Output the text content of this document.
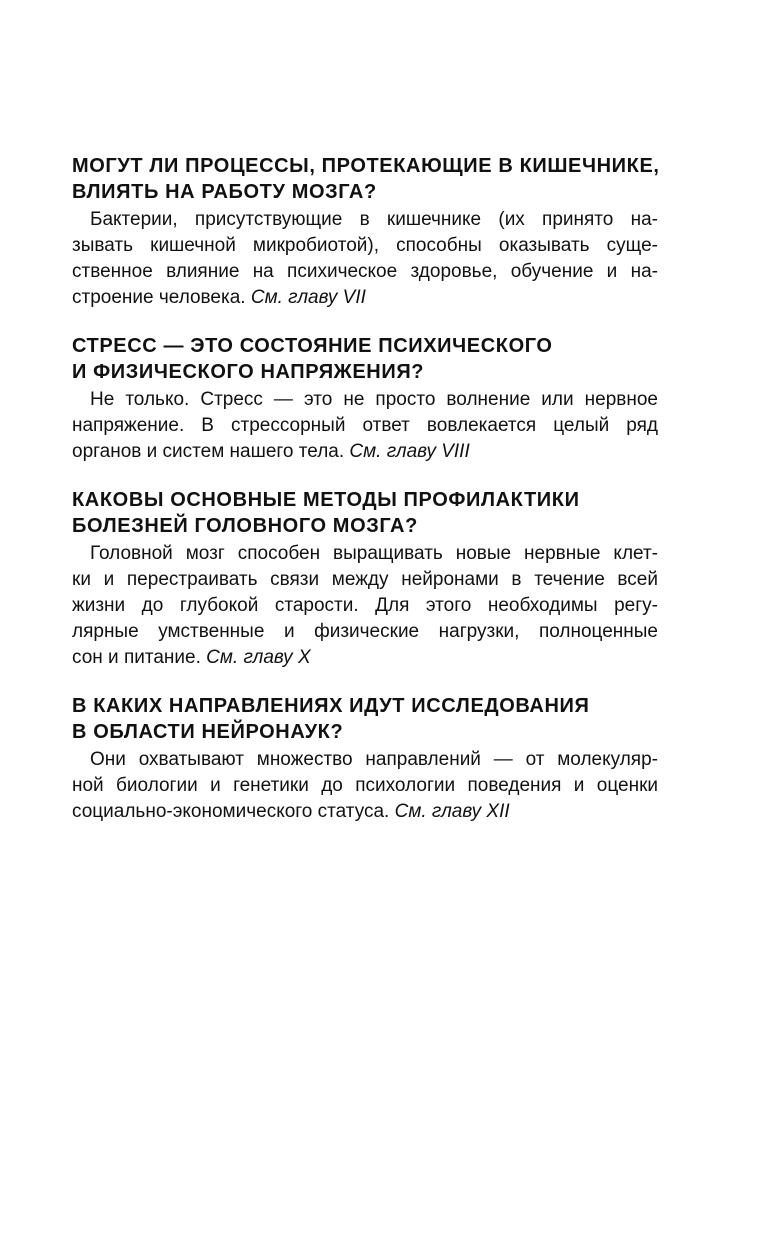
МОГУТ ЛИ ПРОЦЕССЫ, ПРОТЕКАЮЩИЕ В КИШЕЧНИКЕ,
ВЛИЯТЬ НА РАБОТУ МОЗГА?
Бактерии, присутствующие в кишечнике (их принято на-
зывать кишечной микробиотой), способны оказывать суще-
ственное влияние на психическое здоровье, обучение и на-
строение человека. См. главу VII
СТРЕСС — ЭТО СОСТОЯНИЕ ПСИХИЧЕСКОГО
И ФИЗИЧЕСКОГО НАПРЯЖЕНИЯ?
Не только. Стресс — это не просто волнение или нервное
напряжение. В стрессорный ответ вовлекается целый ряд
органов и систем нашего тела. См. главу VIII
КАКОВЫ ОСНОВНЫЕ МЕТОДЫ ПРОФИЛАКТИКИ
БОЛЕЗНЕЙ ГОЛОВНОГО МОЗГА?
Головной мозг способен выращивать новые нервные клет-
ки и перестраивать связи между нейронами в течение всей
жизни до глубокой старости. Для этого необходимы регу-
лярные умственные и физические нагрузки, полноценные
сон и питание. См. главу X
В КАКИХ НАПРАВЛЕНИЯХ ИДУТ ИССЛЕДОВАНИЯ
В ОБЛАСТИ НЕЙРОНАУК?
Они охватывают множество направлений — от молекуляр-
ной биологии и генетики до психологии поведения и оценки
социально-экономического статуса. См. главу XII
